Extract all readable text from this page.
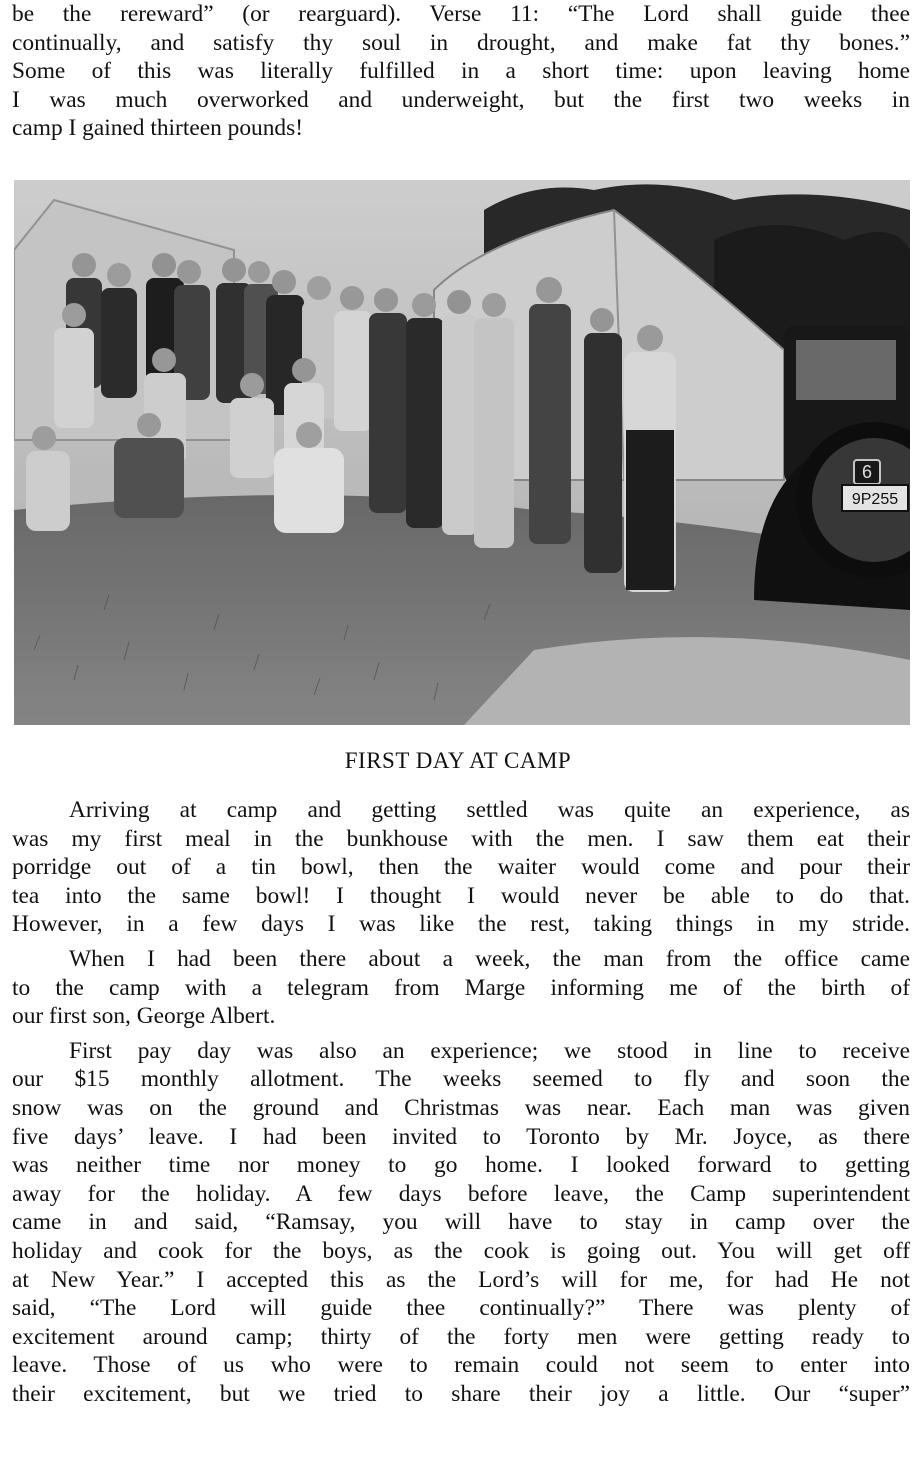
be the rereward” (or rearguard). Verse 11: “The Lord shall guide thee
continually, and satisfy thy soul in drought, and make fat thy bones.”
Some of this was literally fulfilled in a short time: upon leaving home
I was much overworked and underweight, but the first two weeks in
camp I gained thirteen pounds!
6
9P255
FIRST DAY AT CAMP
Arriving at camp and getting settled was quite an experience, as
was my first meal in the bunkhouse with the men. I saw them eat their
porridge out of a tin bowl, then the waiter would come and pour their
tea into the same bowl! I thought I would never be able to do that.
However, in a few days I was like the rest, taking things in my stride.
When I had been there about a week, the man from the office came
to the camp with a telegram from Marge informing me of the birth of
our first son, George Albert.
First pay day was also an experience; we stood in line to receive
our $15 monthly allotment. The weeks seemed to fly and soon the
snow was on the ground and Christmas was near. Each man was given
five days’ leave. I had been invited to Toronto by Mr. Joyce, as there
was neither time nor money to go home. I looked forward to getting
away for the holiday. A few days before leave, the Camp superintendent
came in and said, “Ramsay, you will have to stay in camp over the
holiday and cook for the boys, as the cook is going out. You will get off
at New Year.” I accepted this as the Lord’s will for me, for had He not
said, “The Lord will guide thee continually?” There was plenty of
excitement around camp; thirty of the forty men were getting ready to
leave. Those of us who were to remain could not seem to enter into
their excitement, but we tried to share their joy a little. Our “super”
